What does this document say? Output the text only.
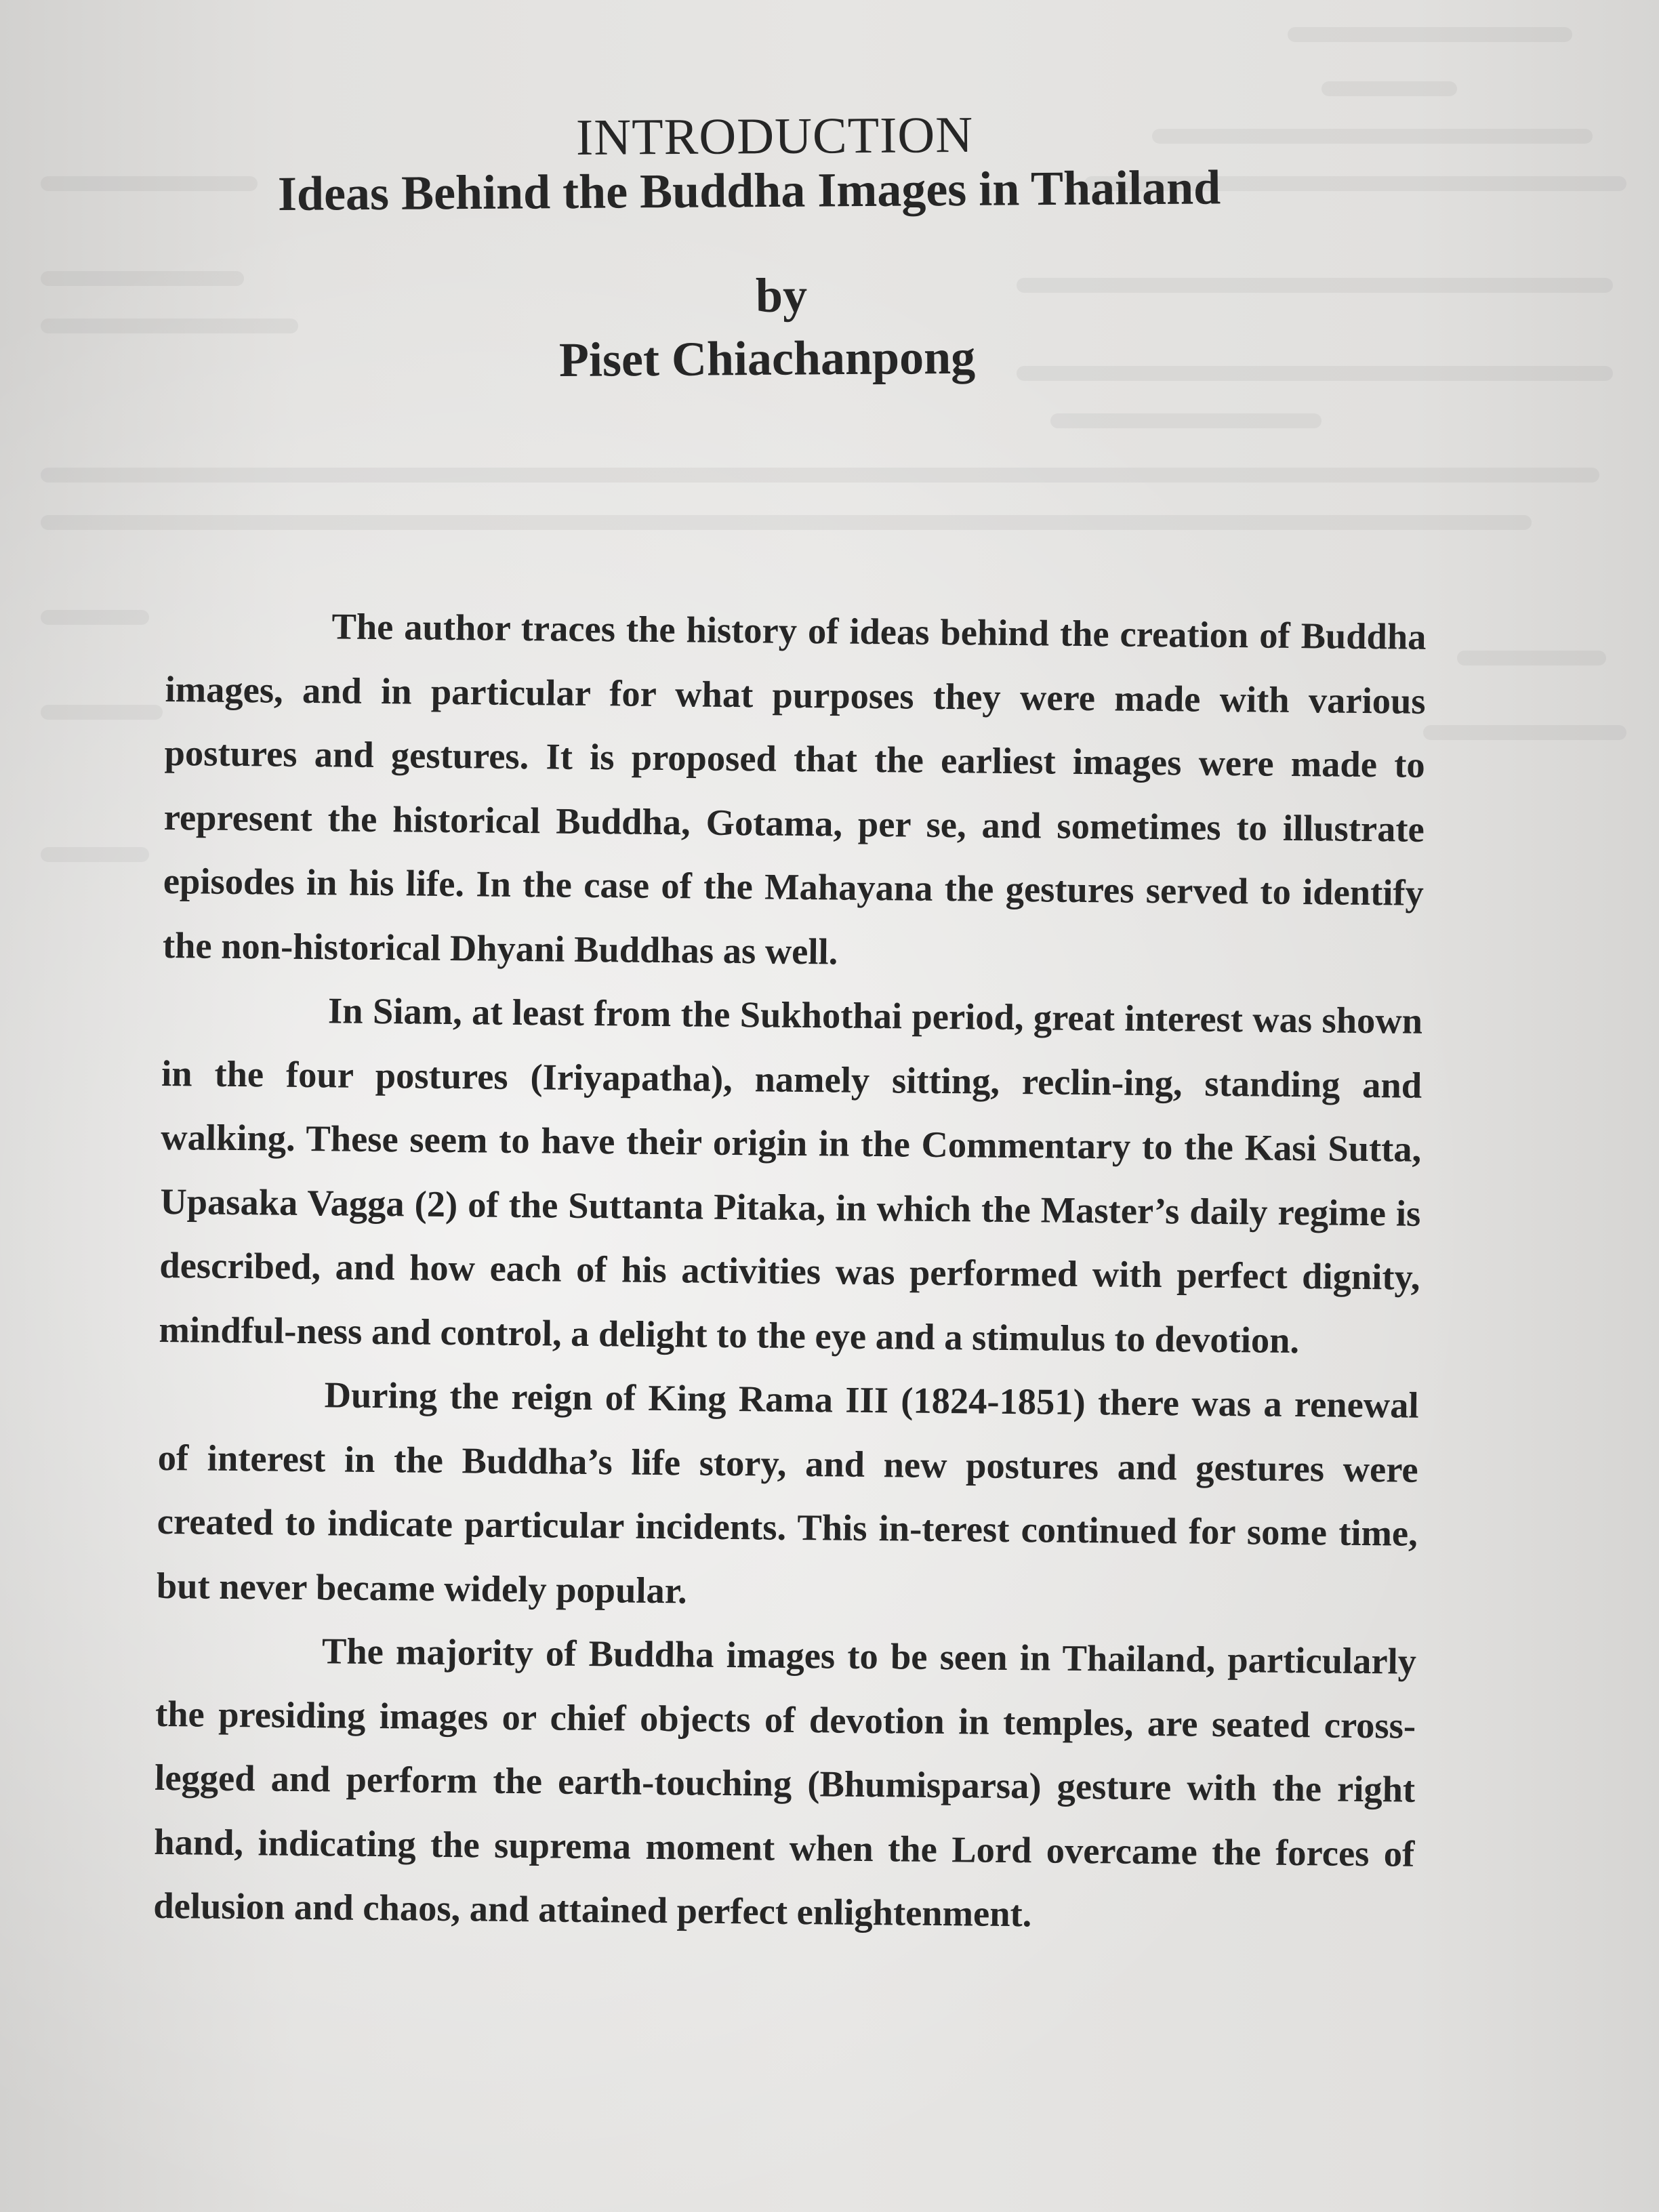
INTRODUCTION
Ideas Behind the Buddha Images in Thailand
by
Piset Chiachanpong

The author traces the history of ideas behind the creation of Buddha images, and in particular for what purposes they were made with various postures and gestures. It is proposed that the earliest images were made to represent the historical Buddha, Gotama, per se, and sometimes to illustrate episodes in his life. In the case of the Mahayana the gestures served to identify the non-historical Dhyani Buddhas as well.

In Siam, at least from the Sukhothai period, great interest was shown in the four postures (Iriyapatha), namely sitting, reclin-ing, standing and walking. These seem to have their origin in the Commentary to the Kasi Sutta, Upasaka Vagga (2) of the Suttanta Pitaka, in which the Master’s daily regime is described, and how each of his activities was performed with perfect dignity, mindful-ness and control, a delight to the eye and a stimulus to devotion.

During the reign of King Rama III (1824-1851) there was a renewal of interest in the Buddha’s life story, and new postures and gestures were created to indicate particular incidents. This in-terest continued for some time, but never became widely popular.

The majority of Buddha images to be seen in Thailand, particularly the presiding images or chief objects of devotion in temples, are seated cross-legged and perform the earth-touching (Bhumisparsa) gesture with the right hand, indicating the suprema moment when the Lord overcame the forces of delusion and chaos, and attained perfect enlightenment.
